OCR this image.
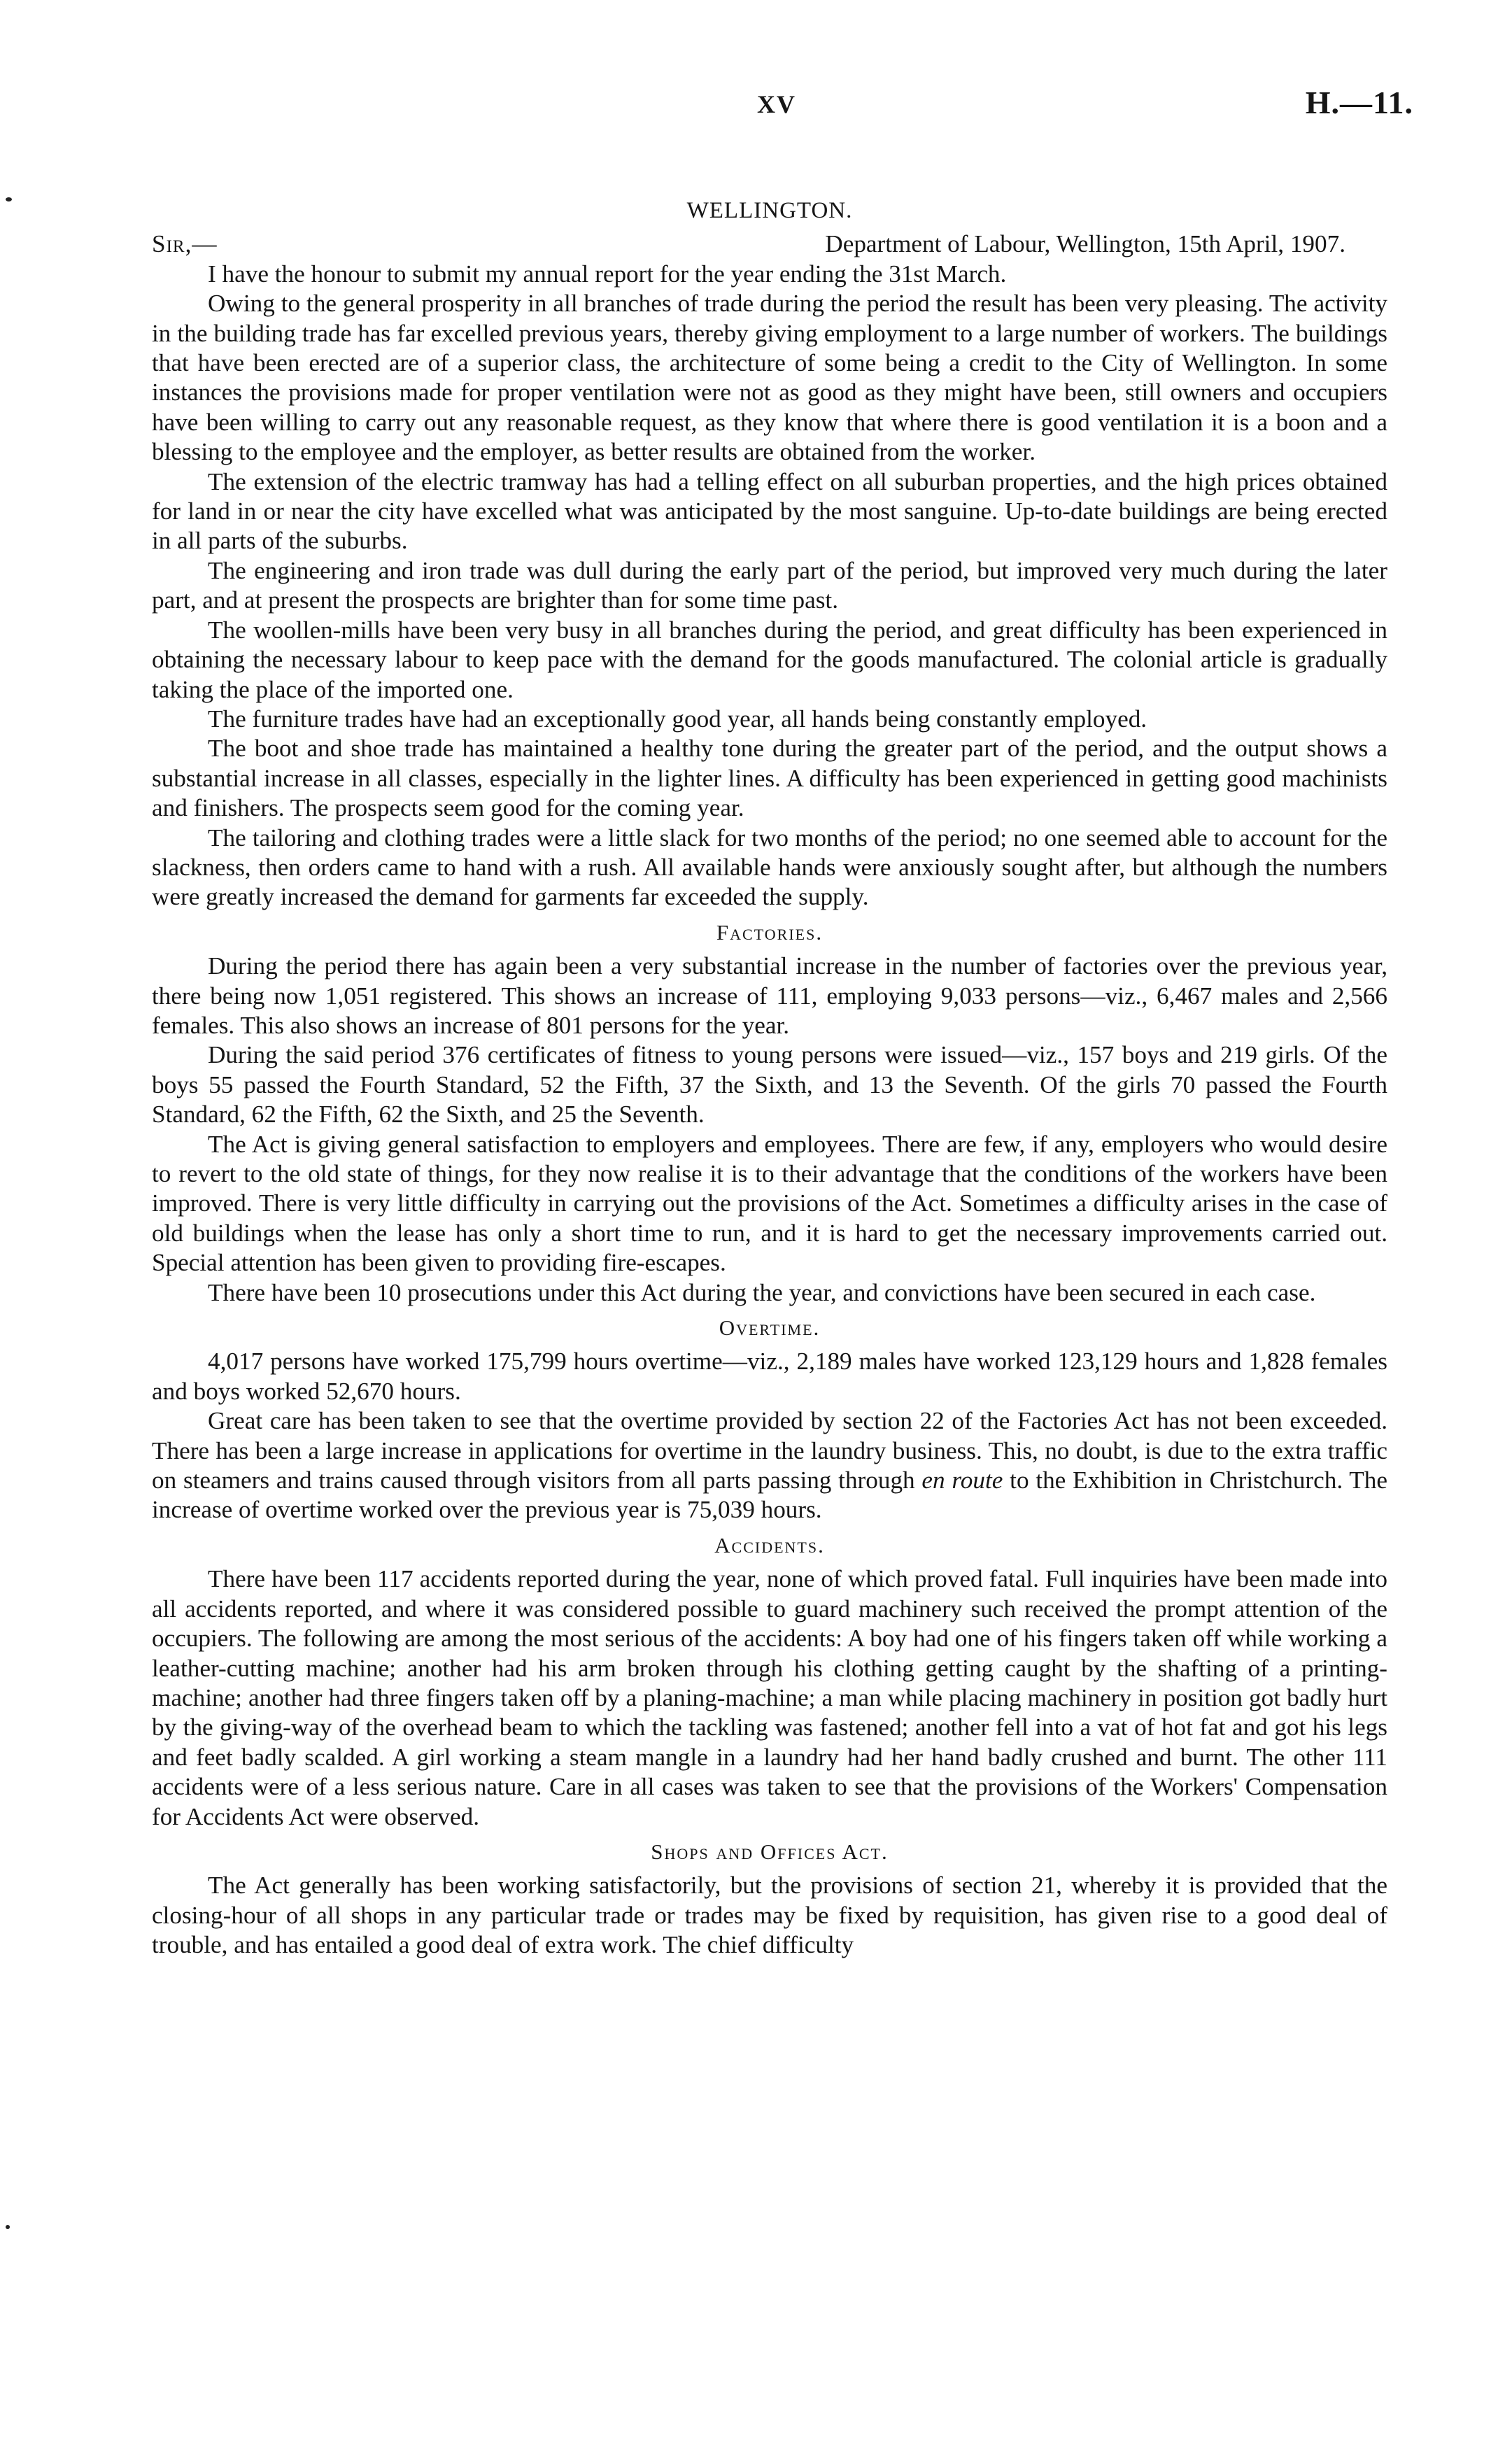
XV	H.—11.
WELLINGTON.
Sir,—	Department of Labour, Wellington, 15th April, 1907.

I have the honour to submit my annual report for the year ending the 31st March.

Owing to the general prosperity in all branches of trade during the period the result has been very pleasing. The activity in the building trade has far excelled previous years, thereby giving employment to a large number of workers. The buildings that have been erected are of a superior class, the architecture of some being a credit to the City of Wellington. In some instances the provisions made for proper ventilation were not as good as they might have been, still owners and occupiers have been willing to carry out any reasonable request, as they know that where there is good ventilation it is a boon and a blessing to the employee and the employer, as better results are obtained from the worker.

The extension of the electric tramway has had a telling effect on all suburban properties, and the high prices obtained for land in or near the city have excelled what was anticipated by the most sanguine. Up-to-date buildings are being erected in all parts of the suburbs.

The engineering and iron trade was dull during the early part of the period, but improved very much during the later part, and at present the prospects are brighter than for some time past.

The woollen-mills have been very busy in all branches during the period, and great difficulty has been experienced in obtaining the necessary labour to keep pace with the demand for the goods manufactured. The colonial article is gradually taking the place of the imported one.

The furniture trades have had an exceptionally good year, all hands being constantly employed.

The boot and shoe trade has maintained a healthy tone during the greater part of the period, and the output shows a substantial increase in all classes, especially in the lighter lines. A difficulty has been experienced in getting good machinists and finishers. The prospects seem good for the coming year.

The tailoring and clothing trades were a little slack for two months of the period; no one seemed able to account for the slackness, then orders came to hand with a rush. All available hands were anxiously sought after, but although the numbers were greatly increased the demand for garments far exceeded the supply.

Factories.

During the period there has again been a very substantial increase in the number of factories over the previous year, there being now 1,051 registered. This shows an increase of 111, employing 9,033 persons—viz., 6,467 males and 2,566 females. This also shows an increase of 801 persons for the year.

During the said period 376 certificates of fitness to young persons were issued—viz., 157 boys and 219 girls. Of the boys 55 passed the Fourth Standard, 52 the Fifth, 37 the Sixth, and 13 the Seventh. Of the girls 70 passed the Fourth Standard, 62 the Fifth, 62 the Sixth, and 25 the Seventh.

The Act is giving general satisfaction to employers and employees. There are few, if any, employers who would desire to revert to the old state of things, for they now realise it is to their advantage that the conditions of the workers have been improved. There is very little difficulty in carrying out the provisions of the Act. Sometimes a difficulty arises in the case of old buildings when the lease has only a short time to run, and it is hard to get the necessary improvements carried out. Special attention has been given to providing fire-escapes.

There have been 10 prosecutions under this Act during the year, and convictions have been secured in each case.

Overtime.

4,017 persons have worked 175,799 hours overtime—viz., 2,189 males have worked 123,129 hours and 1,828 females and boys worked 52,670 hours.

Great care has been taken to see that the overtime provided by section 22 of the Factories Act has not been exceeded. There has been a large increase in applications for overtime in the laundry business. This, no doubt, is due to the extra traffic on steamers and trains caused through visitors from all parts passing through en route to the Exhibition in Christchurch. The increase of overtime worked over the previous year is 75,039 hours.

Accidents.

There have been 117 accidents reported during the year, none of which proved fatal. Full inquiries have been made into all accidents reported, and where it was considered possible to guard machinery such received the prompt attention of the occupiers. The following are among the most serious of the accidents: A boy had one of his fingers taken off while working a leather-cutting machine; another had his arm broken through his clothing getting caught by the shafting of a printing-machine; another had three fingers taken off by a planing-machine; a man while placing machinery in position got badly hurt by the giving-way of the overhead beam to which the tackling was fastened; another fell into a vat of hot fat and got his legs and feet badly scalded. A girl working a steam mangle in a laundry had her hand badly crushed and burnt. The other 111 accidents were of a less serious nature. Care in all cases was taken to see that the provisions of the Workers' Compensation for Accidents Act were observed.

Shops and Offices Act.

The Act generally has been working satisfactorily, but the provisions of section 21, whereby it is provided that the closing-hour of all shops in any particular trade or trades may be fixed by requisition, has given rise to a good deal of trouble, and has entailed a good deal of extra work. The chief difficulty
